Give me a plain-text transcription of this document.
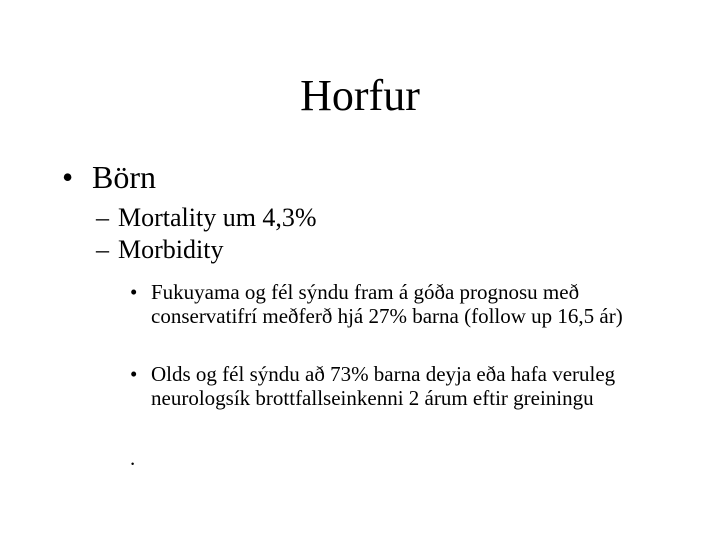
Horfur
• Börn
– Mortality um 4,3%
– Morbidity
• Fukuyama og fél sýndu fram á góða prognosu með conservatifrí meðferð hjá 27% barna (follow up 16,5 ár)
• Olds og fél sýndu að 73% barna deyja eða hafa veruleg neurologsík brottfallseinkenni 2 árum eftir greiningu
.
